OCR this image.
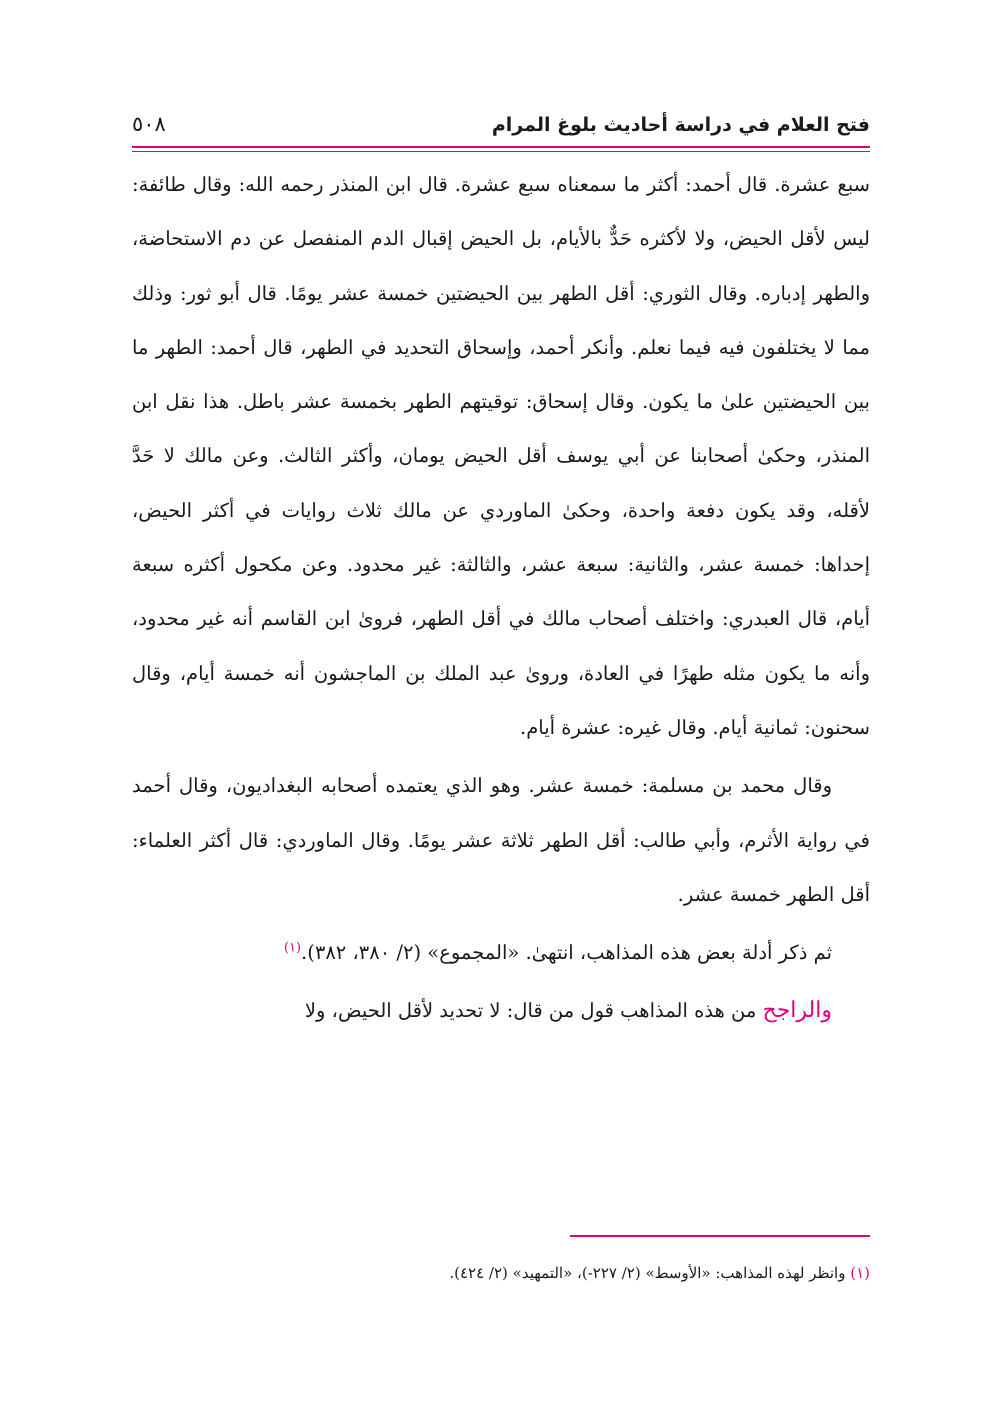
فتح العلام في دراسة أحاديث بلوغ المرام
٥٠٨

سبع عشرة. قال أحمد: أكثر ما سمعناه سبع عشرة. قال ابن المنذر رحمه الله: وقال طائفة: ليس لأقل الحيض، ولا لأكثره حَدٌّ بالأيام، بل الحيض إقبال الدم المنفصل عن دم الاستحاضة، والطهر إدباره. وقال الثوري: أقل الطهر بين الحيضتين خمسة عشر يومًا. قال أبو ثور: وذلك مما لا يختلفون فيه فيما نعلم. وأنكر أحمد، وإسحاق التحديد في الطهر، قال أحمد: الطهر ما بين الحيضتين علىٰ ما يكون. وقال إسحاق: توقيتهم الطهر بخمسة عشر باطل. هذا نقل ابن المنذر، وحكىٰ أصحابنا عن أبي يوسف أقل الحيض يومان، وأكثر الثالث. وعن مالك لا حَدَّ لأقله، وقد يكون دفعة واحدة، وحكىٰ الماوردي عن مالك ثلاث روايات في أكثر الحيض، إحداها: خمسة عشر، والثانية: سبعة عشر، والثالثة: غير محدود. وعن مكحول أكثره سبعة أيام، قال العبدري: واختلف أصحاب مالك في أقل الطهر، فروىٰ ابن القاسم أنه غير محدود، وأنه ما يكون مثله طهرًا في العادة، وروىٰ عبد الملك بن الماجشون أنه خمسة أيام، وقال سحنون: ثمانية أيام. وقال غيره: عشرة أيام.

وقال محمد بن مسلمة: خمسة عشر. وهو الذي يعتمده أصحابه البغداديون، وقال أحمد في رواية الأثرم، وأبي طالب: أقل الطهر ثلاثة عشر يومًا. وقال الماوردي: قال أكثر العلماء: أقل الطهر خمسة عشر.

ثم ذكر أدلة بعض هذه المذاهب، انتهىٰ. «المجموع» (٢/ ٣٨٠، ٣٨٢).$^{(١)}$

والراجح من هذه المذاهب قول من قال: لا تحديد لأقل الحيض، ولا

(١) وانظر لهذه المذاهب: «الأوسط» (٢/ ٢٢٧-)، «التمهيد» (٢/ ٤٢٤).
